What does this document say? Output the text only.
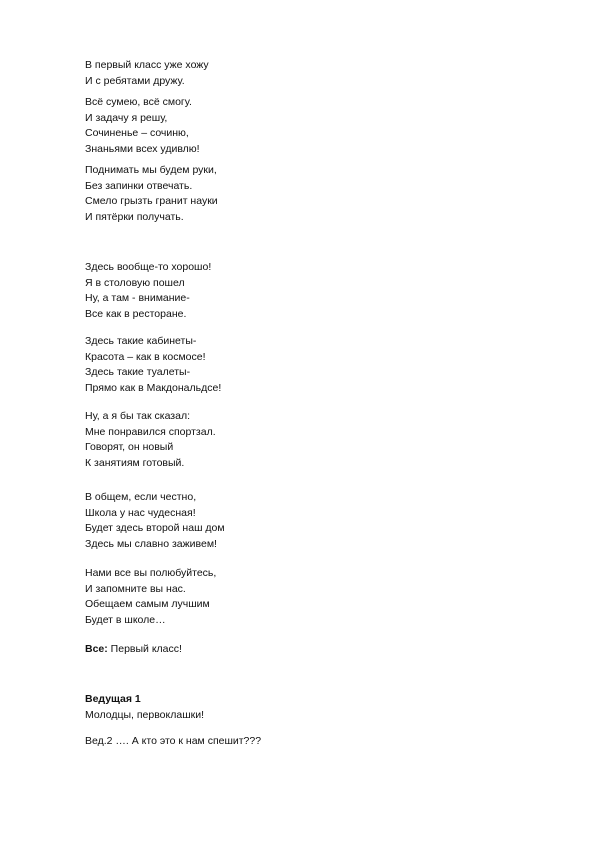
В первый класс уже хожу
И с ребятами дружу.
Всё сумею, всё смогу.
И задачу я решу,
Сочиненье – сочиню,
Знаньями всех удивлю!
Поднимать мы будем руки,
Без запинки отвечать.
Смело грызть гранит науки
И пятёрки получать.
Здесь вообще-то хорошо!
Я в столовую пошел
Ну, а там - внимание-
Все как в ресторане.
Здесь такие кабинеты-
Красота – как в космосе!
Здесь такие туалеты-
Прямо как в Макдональдсе!
Ну, а я бы так сказал:
Мне понравился спортзал.
Говорят, он новый
К занятиям готовый.
В общем, если честно,
Школа у нас чудесная!
Будет здесь второй наш дом
Здесь мы славно заживем!
Нами все вы полюбуйтесь,
И запомните вы нас.
Обещаем самым лучшим
Будет в школе…
Все: Первый класс!
Ведущая 1
Молодцы, первоклашки!
Вед.2 …. А кто это к нам спешит???
